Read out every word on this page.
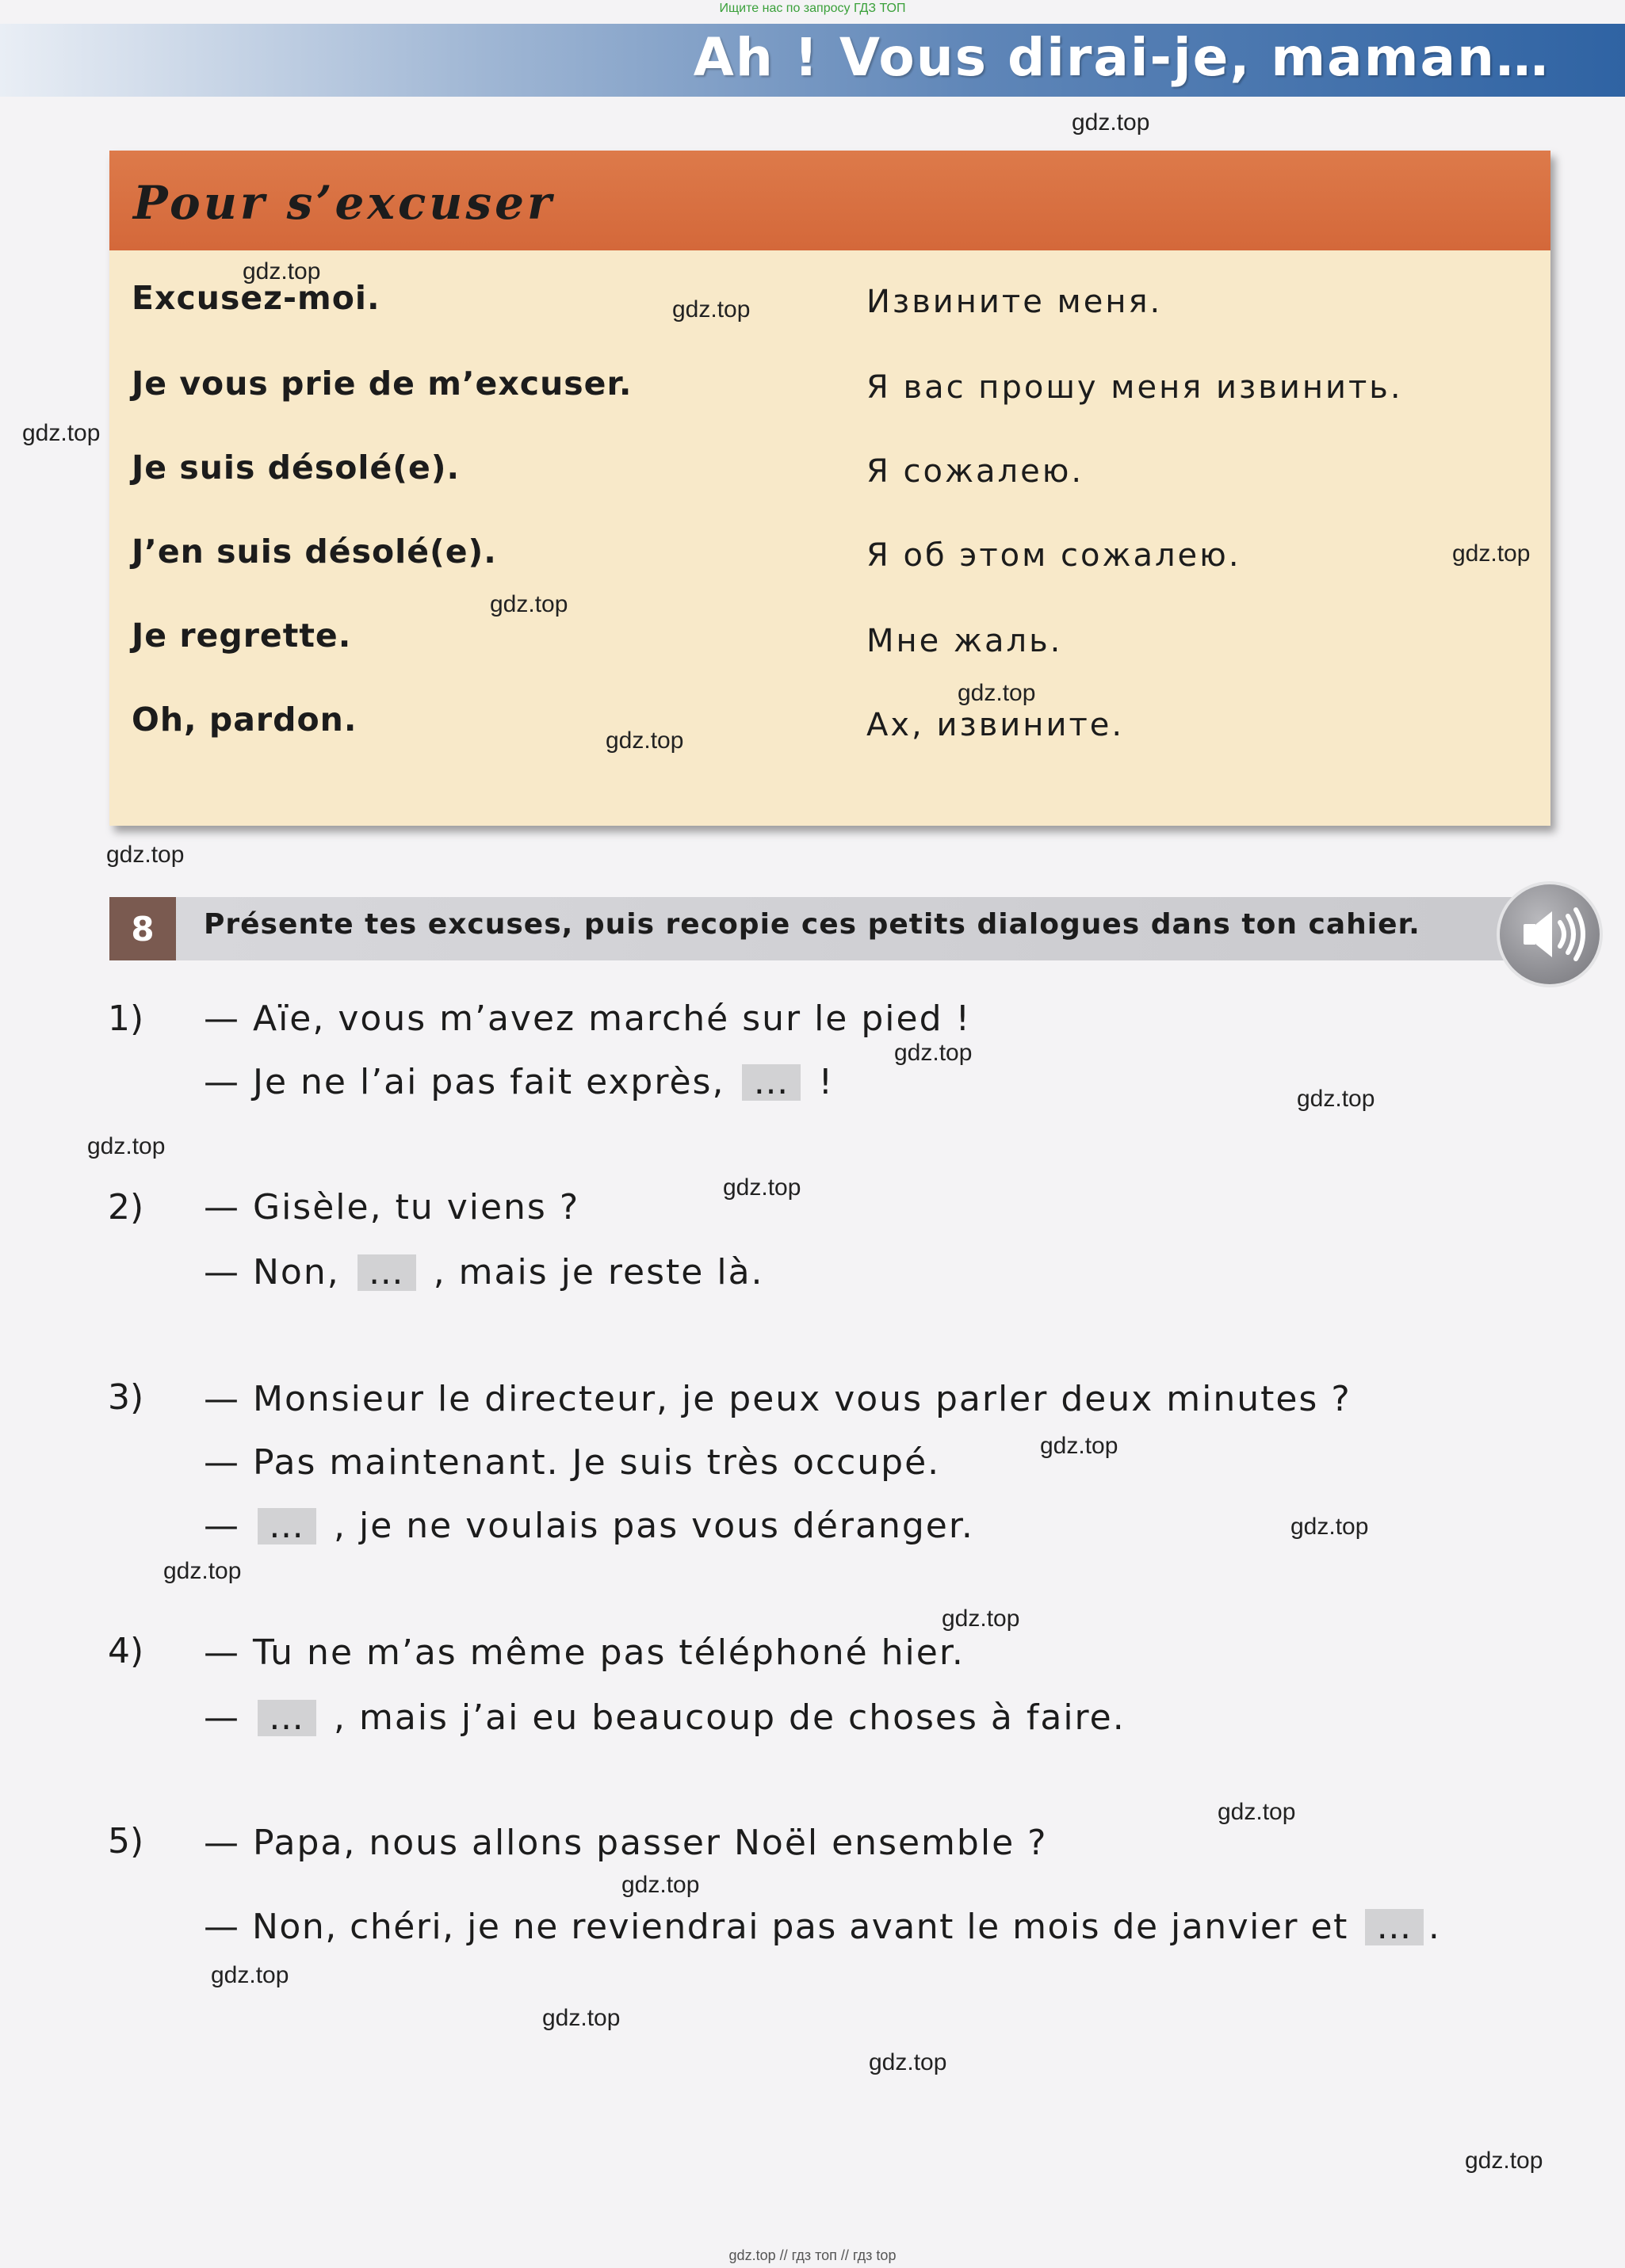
Ищите нас по запросу ГДЗ ТОП
Ah ! Vous dirai-je, maman…
Pour s’excuser
Excusez-moi.	Извините меня.
Je vous prie de m’excuser.	Я вас прошу меня извинить.
Je suis désolé(e).	Я сожалею.
J’en suis désolé(e).	Я об этом сожалею.
Je regrette.	Мне жаль.
Oh, pardon.	Ах, извините.
8	Présente tes excuses, puis recopie ces petits dialogues dans ton cahier.
1) — Aïe, vous m’avez marché sur le pied !
— Je ne l’ai pas fait exprès, … !
2) — Gisèle, tu viens ?
— Non, … , mais je reste là.
3) — Monsieur le directeur, je peux vous parler deux minutes ?
— Pas maintenant. Je suis très occupé.
— … , je ne voulais pas vous déranger.
4) — Tu ne m’as même pas téléphoné hier.
— … , mais j’ai eu beaucoup de choses à faire.
5) — Papa, nous allons passer Noël ensemble ?
— Non, chéri, je ne reviendrai pas avant le mois de janvier et … .
gdz.top
gdz.top
gdz.top
gdz.top
gdz.top
gdz.top
gdz.top
gdz.top
gdz.top
gdz.top
gdz.top
gdz.top
gdz.top
gdz.top
gdz.top
gdz.top
gdz.top
gdz.top
gdz.top
gdz.top
gdz.top
gdz.top
gdz.top
gdz.top // гдз топ // гдз top
